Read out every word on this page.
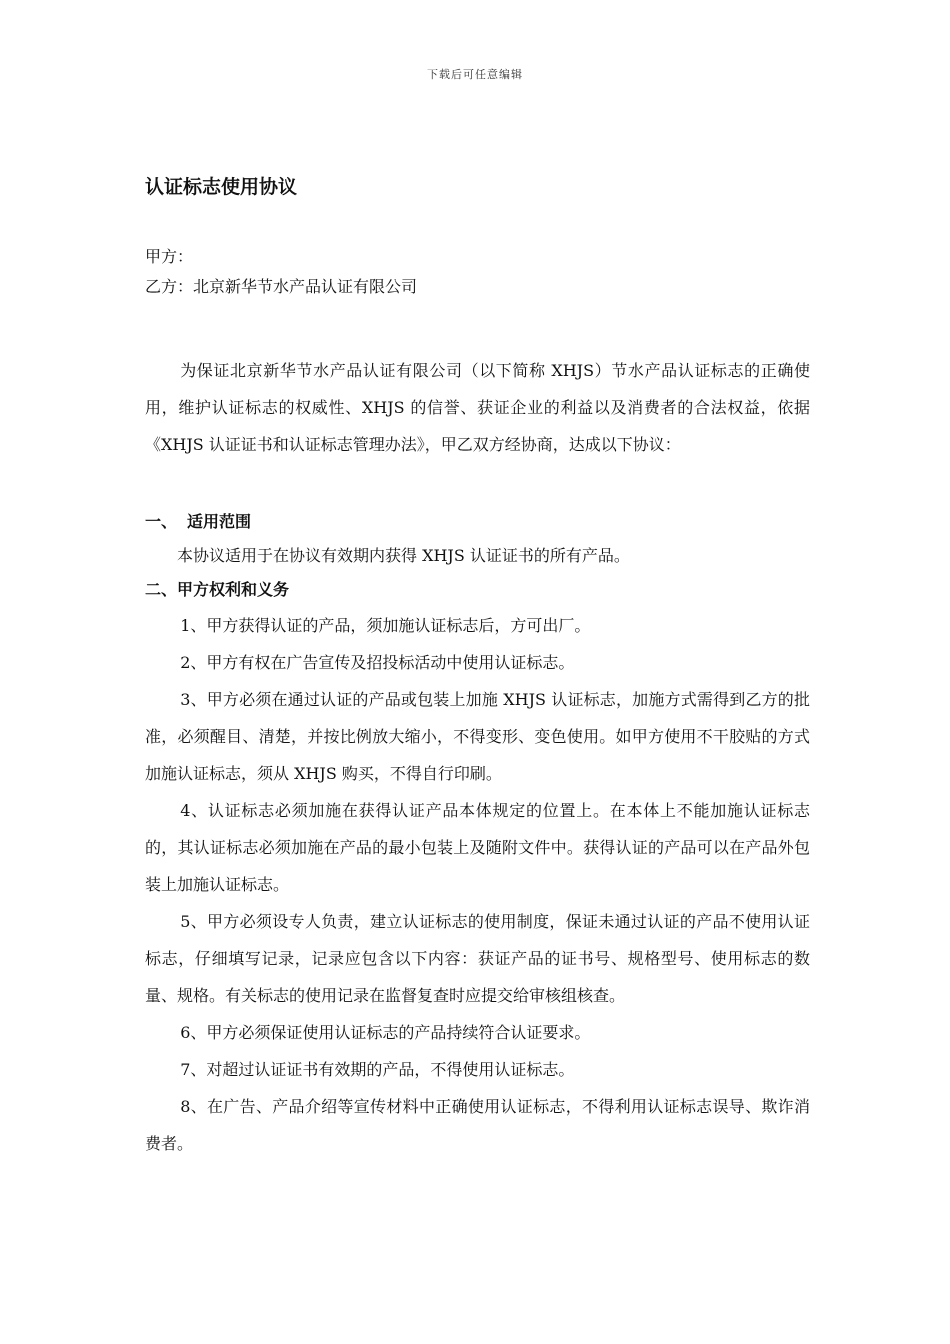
下载后可任意编辑
认证标志使用协议

甲方：

乙方：北京新华节水产品认证有限公司

为保证北京新华节水产品认证有限公司（以下简称 XHJS）节水产品认证标志的正确使用，维护认证标志的权威性、XHJS 的信誉、获证企业的利益以及消费者的合法权益，依据《XHJS 认证证书和认证标志管理办法》，甲乙双方经协商，达成以下协议：

一、 适用范围

本协议适用于在协议有效期内获得 XHJS 认证证书的所有产品。

二、甲方权利和义务

1、甲方获得认证的产品，须加施认证标志后，方可出厂。

2、甲方有权在广告宣传及招投标活动中使用认证标志。

3、甲方必须在通过认证的产品或包装上加施 XHJS 认证标志，加施方式需得到乙方的批准，必须醒目、清楚，并按比例放大缩小，不得变形、变色使用。如甲方使用不干胶贴的方式加施认证标志，须从 XHJS 购买，不得自行印刷。

4、认证标志必须加施在获得认证产品本体规定的位置上。在本体上不能加施认证标志的，其认证标志必须加施在产品的最小包装上及随附文件中。获得认证的产品可以在产品外包装上加施认证标志。

5、甲方必须设专人负责，建立认证标志的使用制度，保证未通过认证的产品不使用认证标志，仔细填写记录，记录应包含以下内容：获证产品的证书号、规格型号、使用标志的数量、规格。有关标志的使用记录在监督复查时应提交给审核组核查。

6、甲方必须保证使用认证标志的产品持续符合认证要求。

7、对超过认证证书有效期的产品，不得使用认证标志。

8、在广告、产品介绍等宣传材料中正确使用认证标志，不得利用认证标志误导、欺诈消费者。
